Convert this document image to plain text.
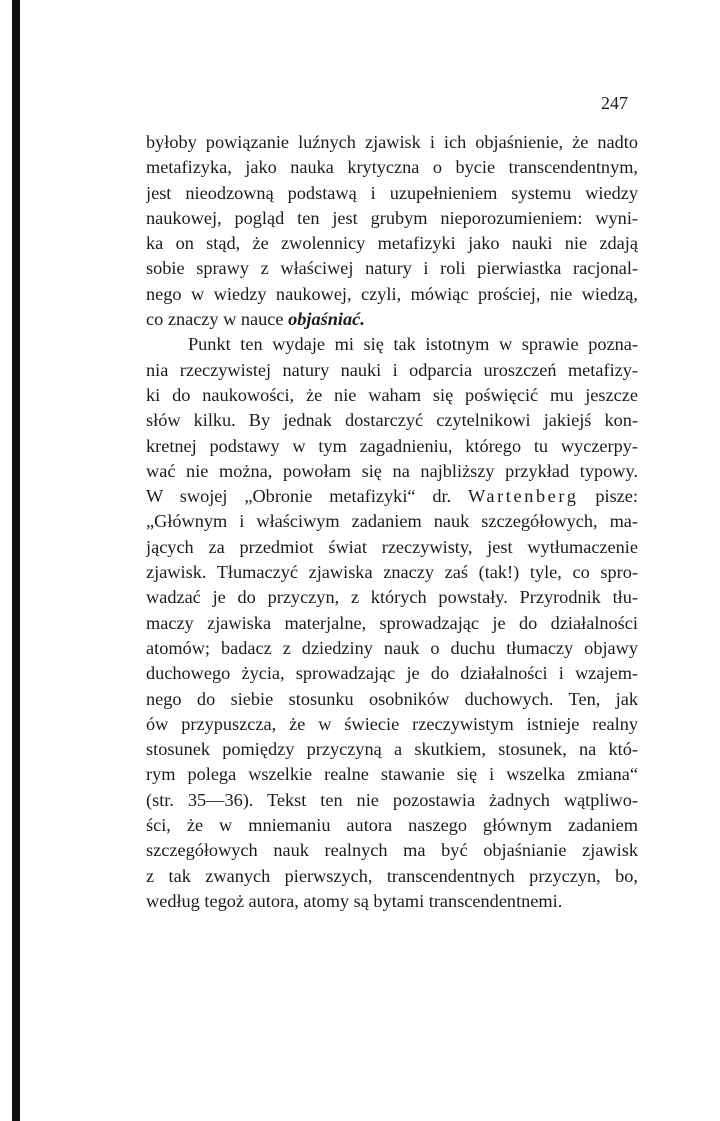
247
byłoby powiązanie luźnych zjawisk i ich objaśnienie, że nadto
metafizyka, jako nauka krytyczna o bycie transcendentnym,
jest nieodzowną podstawą i uzupełnieniem systemu wiedzy
naukowej, pogląd ten jest grubym nieporozumieniem: wyni-
ka on stąd, że zwolennicy metafizyki jako nauki nie zdają
sobie sprawy z właściwej natury i roli pierwiastka racjonal-
nego w wiedzy naukowej, czyli, mówiąc prościej, nie wiedzą,
co znaczy w nauce objaśniać.
Punkt ten wydaje mi się tak istotnym w sprawie pozna-
nia rzeczywistej natury nauki i odparcia uroszczeń metafizy-
ki do naukowości, że nie waham się poświęcić mu jeszcze
słów kilku. By jednak dostarczyć czytelnikowi jakiejś kon-
kretnej podstawy w tym zagadnieniu, którego tu wyczerpy-
wać nie można, powołam się na najbliższy przykład typowy.
W swojej „Obronie metafizyki“ dr. Wartenberg pisze:
„Głównym i właściwym zadaniem nauk szczegółowych, ma-
jących za przedmiot świat rzeczywisty, jest wytłumaczenie
zjawisk. Tłumaczyć zjawiska znaczy zaś (tak!) tyle, co spro-
wadzać je do przyczyn, z których powstały. Przyrodnik tłu-
maczy zjawiska materjalne, sprowadzając je do działalności
atomów; badacz z dziedziny nauk o duchu tłumaczy objawy
duchowego życia, sprowadzając je do działalności i wzajem-
nego do siebie stosunku osobników duchowych. Ten, jak
ów przypuszcza, że w świecie rzeczywistym istnieje realny
stosunek pomiędzy przyczyną a skutkiem, stosunek, na któ-
rym polega wszelkie realne stawanie się i wszelka zmiana“
(str. 35—36). Tekst ten nie pozostawia żadnych wątpliwo-
ści, że w mniemaniu autora naszego głównym zadaniem
szczegółowych nauk realnych ma być objaśnianie zjawisk
z tak zwanych pierwszych, transcendentnych przyczyn, bo,
według tegoż autora, atomy są bytami transcendentnemi.
